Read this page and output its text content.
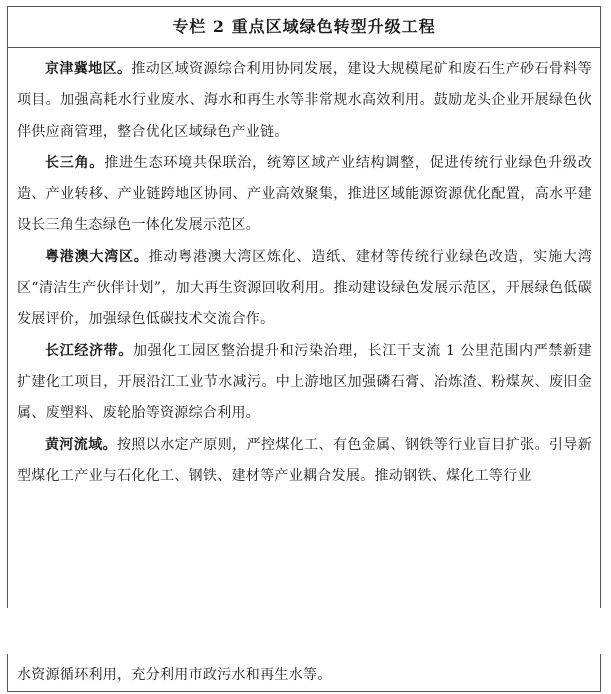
专栏 2 重点区域绿色转型升级工程

京津冀地区。推动区域资源综合利用协同发展，建设大规模尾矿和废石生产砂石骨料等项目。加强高耗水行业废水、海水和再生水等非常规水高效利用。鼓励龙头企业开展绿色伙伴供应商管理，整合优化区域绿色产业链。

长三角。推进生态环境共保联治，统筹区域产业结构调整，促进传统行业绿色升级改造、产业转移、产业链跨地区协同、产业高效聚集，推进区域能源资源优化配置，高水平建设长三角生态绿色一体化发展示范区。

粤港澳大湾区。推动粤港澳大湾区炼化、造纸、建材等传统行业绿色改造，实施大湾区“清洁生产伙伴计划”，加大再生资源回收利用。推动建设绿色发展示范区，开展绿色低碳发展评价，加强绿色低碳技术交流合作。

长江经济带。加强化工园区整治提升和污染治理，长江干支流 1 公里范围内严禁新建扩建化工项目，开展沿江工业节水减污。中上游地区加强磷石膏、冶炼渣、粉煤灰、废旧金属、废塑料、废轮胎等资源综合利用。

黄河流域。按照以水定产原则，严控煤化工、有色金属、钢铁等行业盲目扩张。引导新型煤化工产业与石化化工、钢铁、建材等产业耦合发展。推动钢铁、煤化工等行业

水资源循环利用，充分利用市政污水和再生水等。
